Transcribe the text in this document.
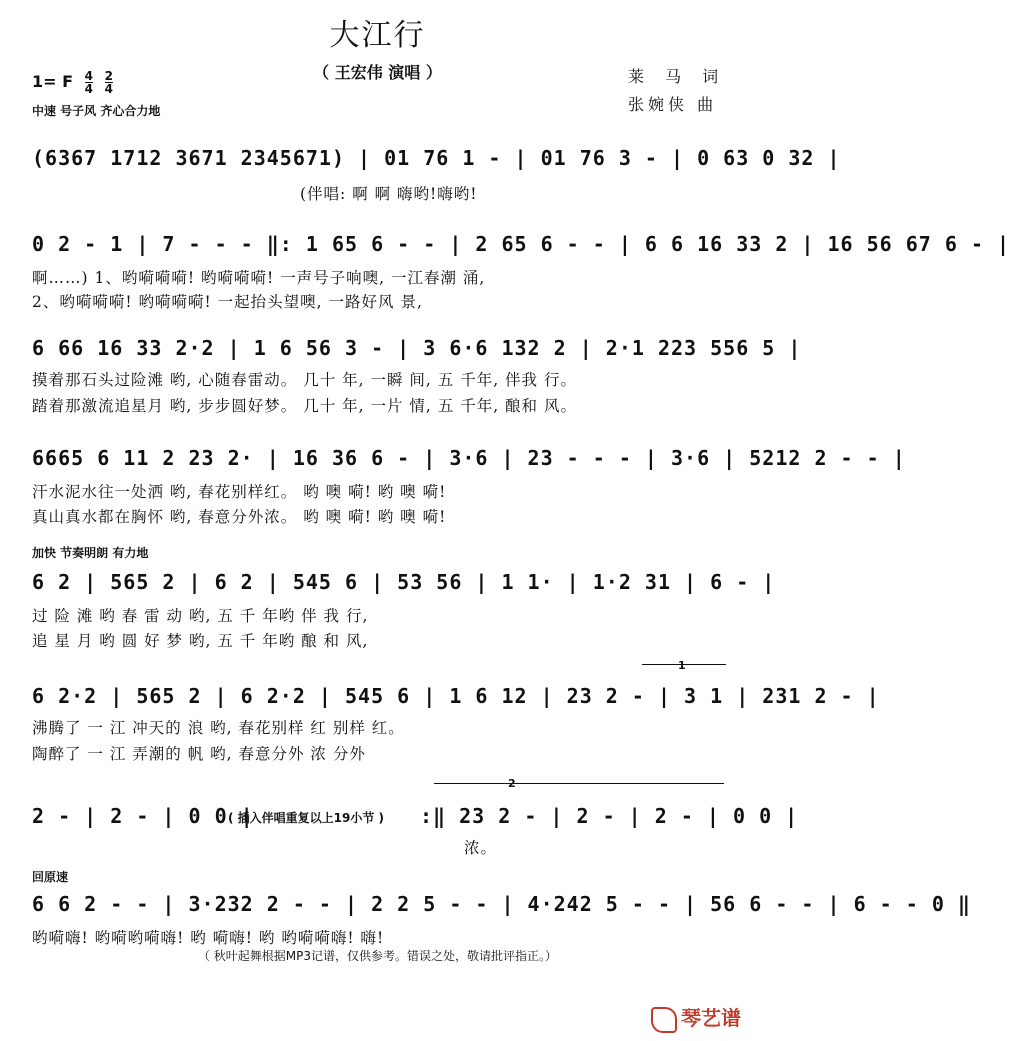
大江行
（ 王宏伟 演唱 ）	莱 马 词
张婉侠 曲
1= F $\frac{4}{4} \frac{2}{4}$
中速 号子风 齐心合力地
(6367 1712 3671 2345671) | 01 76 1 - | 01 76 3 - | 0 63 0 32 |
(伴唱: 啊 啊 嗨哟!嗨哟!
0 2 - 1 | 7 - - - ‖: 1 65 6 - - | 2 65 6 - - | 6 6 16 33 2 | 16 56 67 6 - |
啊……) 1、哟嗬嗬嗬! 哟嗬嗬嗬! 一声号子响噢, 一江春潮 涌,
2、哟嗬嗬嗬! 哟嗬嗬嗬! 一起抬头望噢, 一路好风 景,
6 66 16 33 2·2 | 1 6 56 3 - | 3 6·6 132 2 | 2·1 223 556 5 |
摸着那石头过险滩 哟, 心随春雷动。 几十 年, 一瞬 间, 五 千年, 伴我 行。
踏着那激流追星月 哟, 步步圆好梦。 几十 年, 一片 情, 五 千年, 酿和 风。
6665 6 11 2 23 2· | 16 36 6 - | 3·6 | 23 - - - | 3·6 | 5212 2 - - |
汗水泥水往一处洒 哟, 春花别样红。 哟 噢 嗬! 哟 噢 嗬!
真山真水都在胸怀 哟, 春意分外浓。 哟 噢 嗬! 哟 噢 嗬!
加快 节奏明朗 有力地
6 2 | 565 2 | 6 2 | 545 6 | 53 56 | 1 1· | 1·2 31 | 6 - |
过 险 滩 哟 春 雷 动 哟, 五 千 年哟 伴 我 行,
追 星 月 哟 圆 好 梦 哟, 五 千 年哟 酿 和 风,
1
6 2·2 | 565 2 | 6 2·2 | 545 6 | 1 6 12 | 23 2 - | 3 1 | 231 2 - |
沸腾了 一 江 冲天的 浪 哟, 春花别样 红 别样 红。
陶醉了 一 江 弄潮的 帆 哟, 春意分外 浓 分外
2
2 - | 2 - | 0 0 |
( 插入伴唱重复以上19小节 ) :‖ 23 2 - | 2 - | 2 - | 0 0 |
浓。
回原速
6 6 2 - - | 3·232 2 - - | 2 2 5 - - | 4·242 5 - - | 56 6 - - | 6 - - 0 ‖
哟嗬嗨! 哟嗬哟嗬嗨! 哟 嗬嗨! 哟 哟嗬嗬嗨! 嗨!
（ 秋叶起舞根据MP3记谱，仅供参考。错误之处，敬请批评指正。）
琴艺谱
